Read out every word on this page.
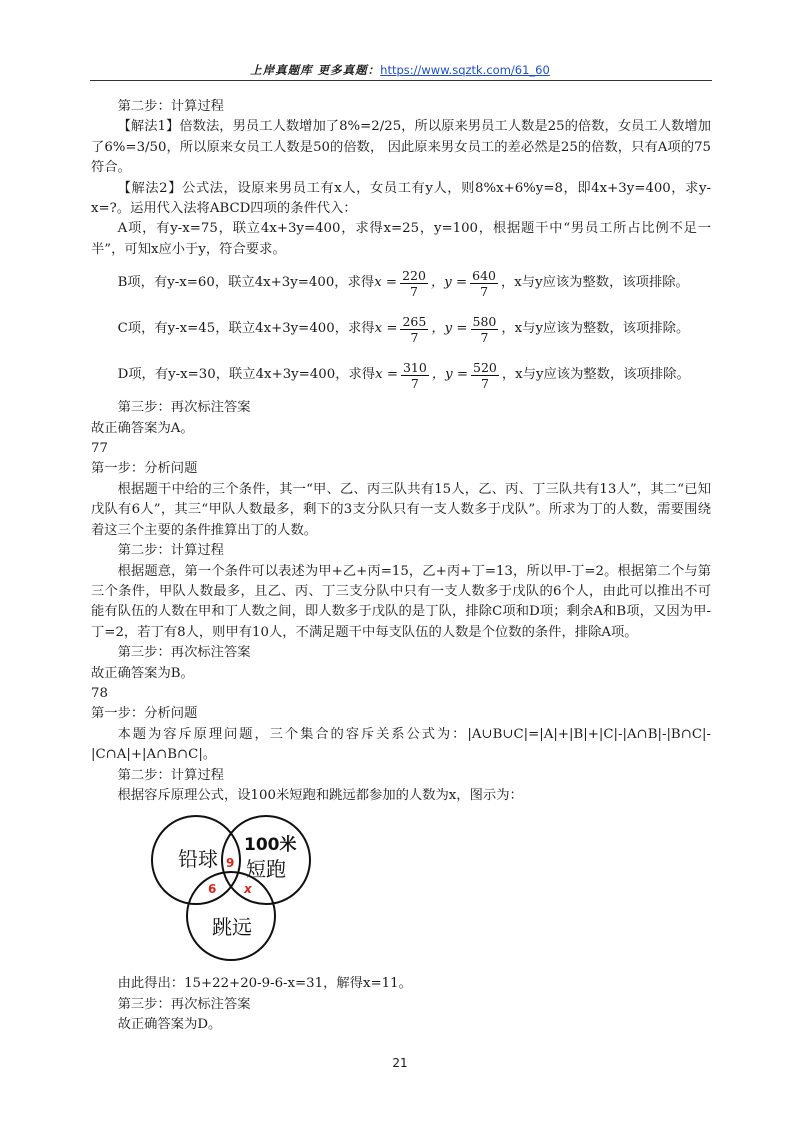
上岸真题库 更多真题：https://www.sqztk.com/61_60

第二步：计算过程

【解法1】倍数法，男员工人数增加了8%=2/25，所以原来男员工人数是25的倍数，女员工人数增加了6%=3/50，所以原来女员工人数是50的倍数， 因此原来男女员工的差必然是25的倍数，只有A项的75符合。

【解法2】公式法，设原来男员工有x人，女员工有y人，则8%x+6%y=8，即4x+3y=400，求y-x=?。运用代入法将ABCD四项的条件代入：

A项，有y-x=75，联立4x+3y=400，求得x=25，y=100，根据题干中“男员工所占比例不足一半”，可知x应小于y，符合要求。

B项，有y-x=60，联立4x+3y=400，求得 $x = \frac{220}{7}$ ，$y = \frac{640}{7}$ ，x与y应该为整数，该项排除。
C项，有y-x=45，联立4x+3y=400，求得 $x = \frac{265}{7}$ ，$y = \frac{580}{7}$ ，x与y应该为整数，该项排除。
D项，有y-x=30，联立4x+3y=400，求得 $x = \frac{310}{7}$ ，$y = \frac{520}{7}$ ，x与y应该为整数，该项排除。

第三步：再次标注答案

故正确答案为A。

77

第一步：分析问题

根据题干中给的三个条件，其一“甲、乙、丙三队共有15人，乙、丙、丁三队共有13人”，其二“已知戊队有6人”，其三“甲队人数最多，剩下的3支分队只有一支人数多于戊队”。所求为丁的人数，需要围绕着这三个主要的条件推算出丁的人数。

第二步：计算过程

根据题意，第一个条件可以表述为甲+乙+丙=15，乙+丙+丁=13，所以甲-丁=2。根据第二个与第三个条件，甲队人数最多，且乙、丙、丁三支分队中只有一支人数多于戊队的6个人，由此可以推出不可能有队伍的人数在甲和丁人数之间，即人数多于戊队的是丁队，排除C项和D项；剩余A和B项，又因为甲-丁=2，若丁有8人，则甲有10人，不满足题干中每支队伍的人数是个位数的条件，排除A项。

第三步：再次标注答案

故正确答案为B。

78

第一步：分析问题

本题为容斥原理问题，三个集合的容斥关系公式为：|A∪B∪C|=|A|+|B|+|C|-|A∩B|-|B∩C|-|C∩A|+|A∩B∩C|。

第二步：计算过程

根据容斥原理公式，设100米短跑和跳远都参加的人数为x，图示为：

铅球
100米
短跑
跳远
9
6 x

由此得出：15+22+20-9-6-x=31，解得x=11。

第三步：再次标注答案

故正确答案为D。

21
